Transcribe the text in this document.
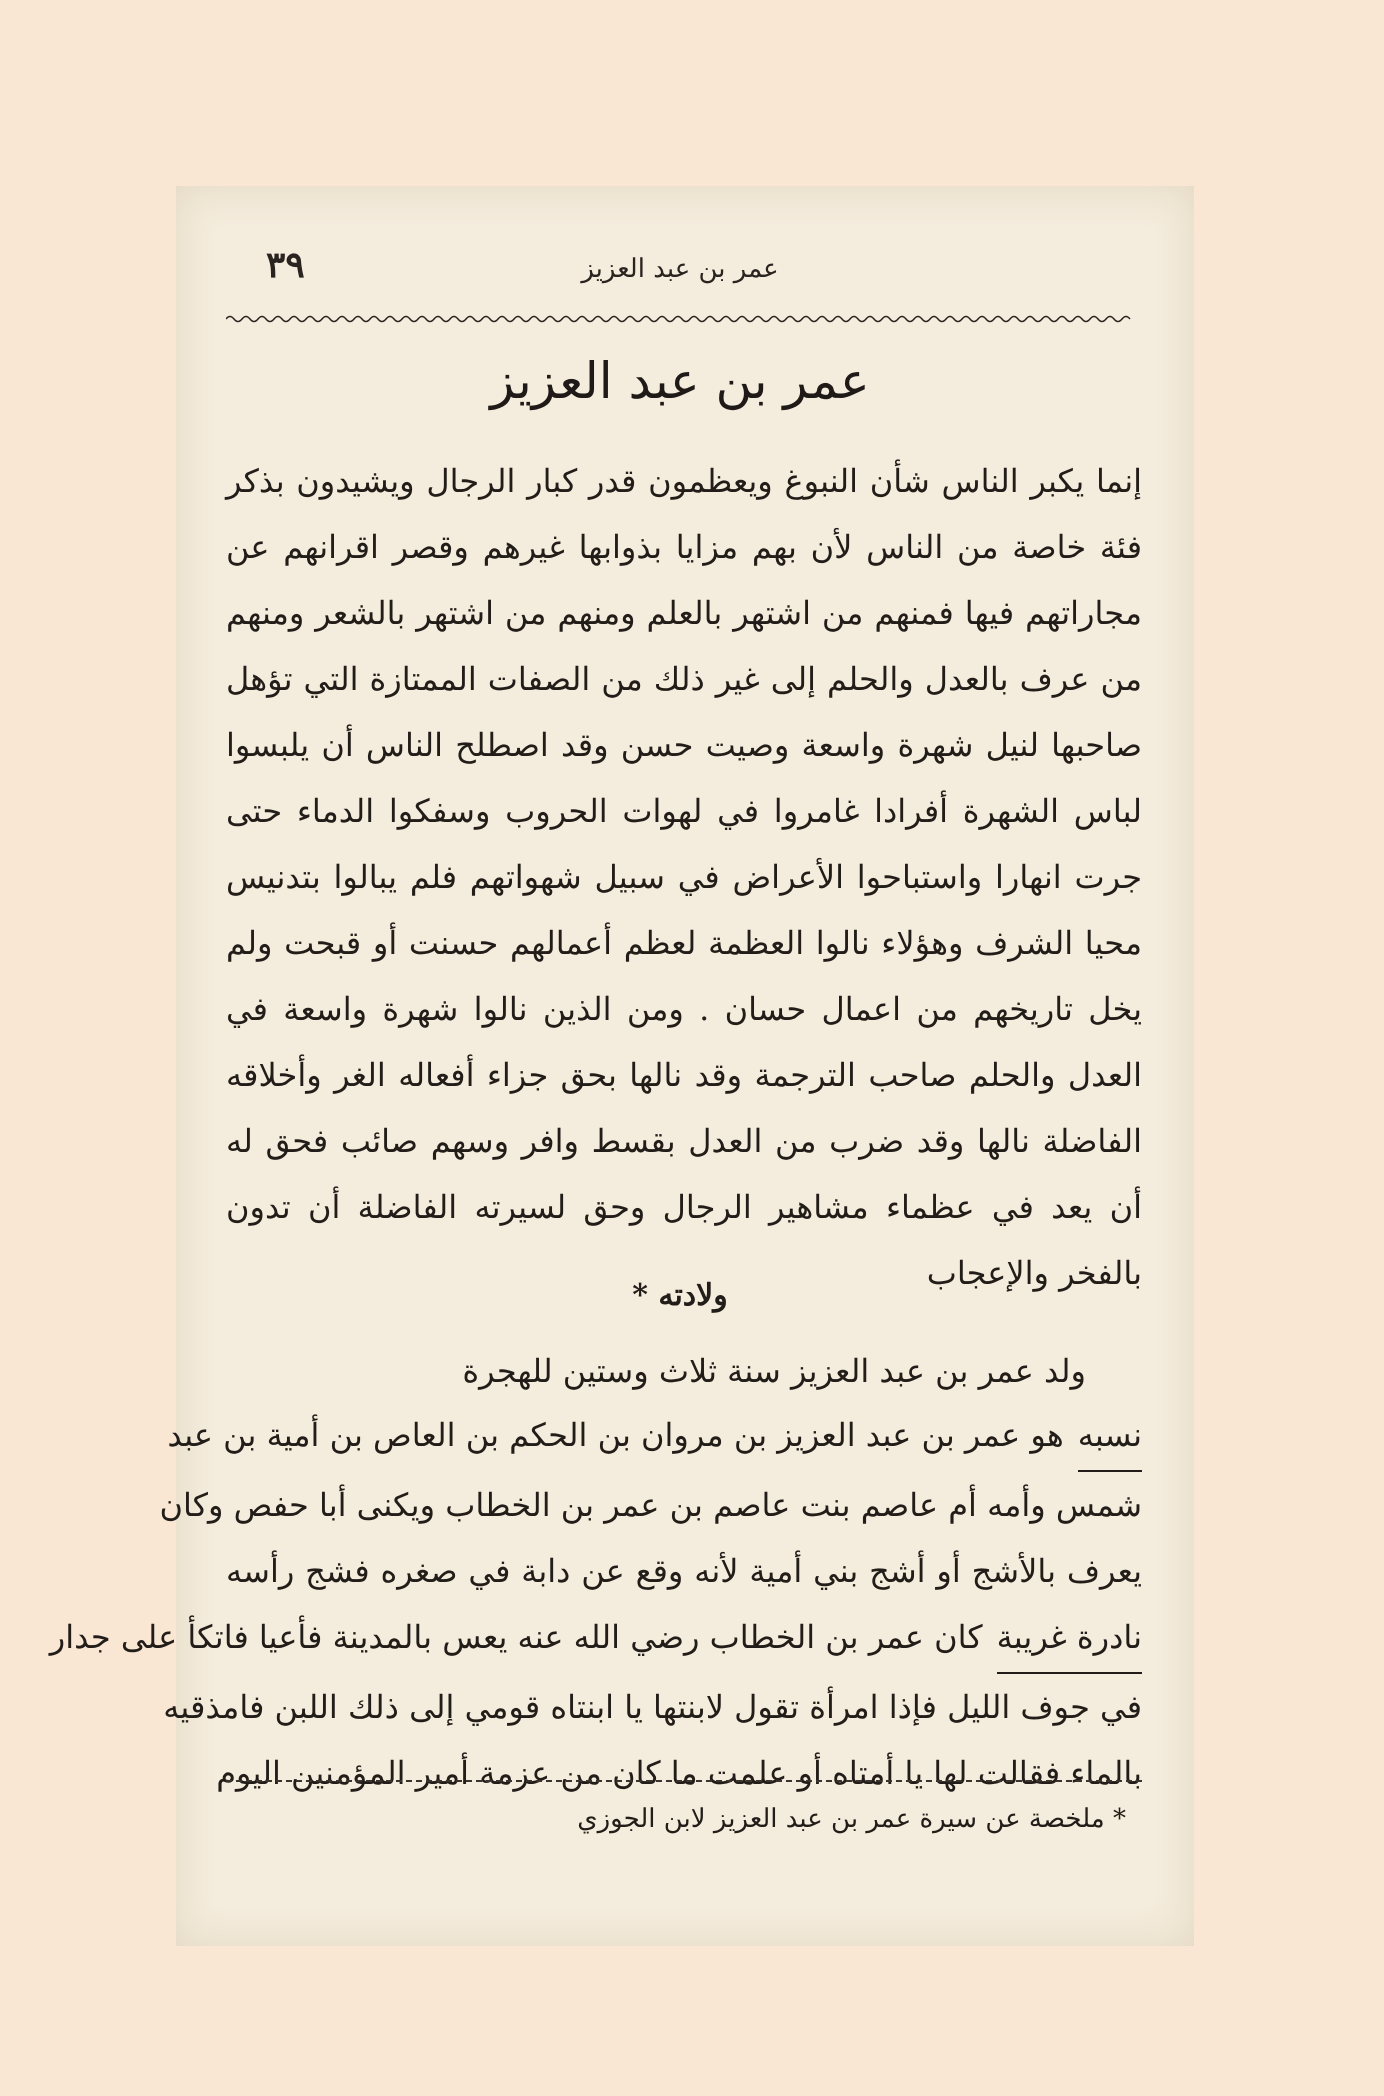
٣٩	عمر بن عبد العزيز
عمر بن عبد العزيز

إنما يكبر الناس شأن النبوغ ويعظمون قدر كبار الرجال ويشيدون بذكر فئة خاصة من الناس لأن بهم مزايا بذوابها غيرهم وقصر اقرانهم عن مجاراتهم فيها فمنهم من اشتهر بالعلم ومنهم من اشتهر بالشعر ومنهم من عرف بالعدل والحلم إلى غير ذلك من الصفات الممتازة التي تؤهل صاحبها لنيل شهرة واسعة وصيت حسن وقد اصطلح الناس أن يلبسوا لباس الشهرة أفرادا غامروا في لهوات الحروب وسفكوا الدماء حتى جرت انهارا واستباحوا الأعراض في سبيل شهواتهم فلم يبالوا بتدنيس محيا الشرف وهؤلاء نالوا العظمة لعظم أعمالهم حسنت أو قبحت ولم يخل تاريخهم من اعمال حسان . ومن الذين نالوا شهرة واسعة في العدل والحلم صاحب الترجمة وقد نالها بحق جزاء أفعاله الغر وأخلاقه الفاضلة نالها وقد ضرب من العدل بقسط وافر وسهم صائب فحق له أن يعد في عظماء مشاهير الرجال وحق لسيرته الفاضلة أن تدون بالفخر والإعجاب

ولادته *
ولد عمر بن عبد العزيز سنة ثلاث وستين للهجرة
نسبههو عمر بن عبد العزيز بن مروان بن الحكم بن العاص بن أمية بن عبد
شمس وأمه أم عاصم بنت عاصم بن عمر بن الخطاب ويكنى أبا حفص وكان
يعرف بالأشج أو أشج بني أمية لأنه وقع عن دابة في صغره فشج رأسه
نادرة غريبةكان عمر بن الخطاب رضي الله عنه يعس بالمدينة فأعيا فاتكأ على جدار
في جوف الليل فإذا امرأة تقول لابنتها يا ابنتاه قومي إلى ذلك اللبن فامذقيه
بالماء فقالت لها يا أمتاه أو علمت ما كان من عزمة أمير المؤمنين اليوم
* ملخصة عن سيرة عمر بن عبد العزيز لابن الجوزي
